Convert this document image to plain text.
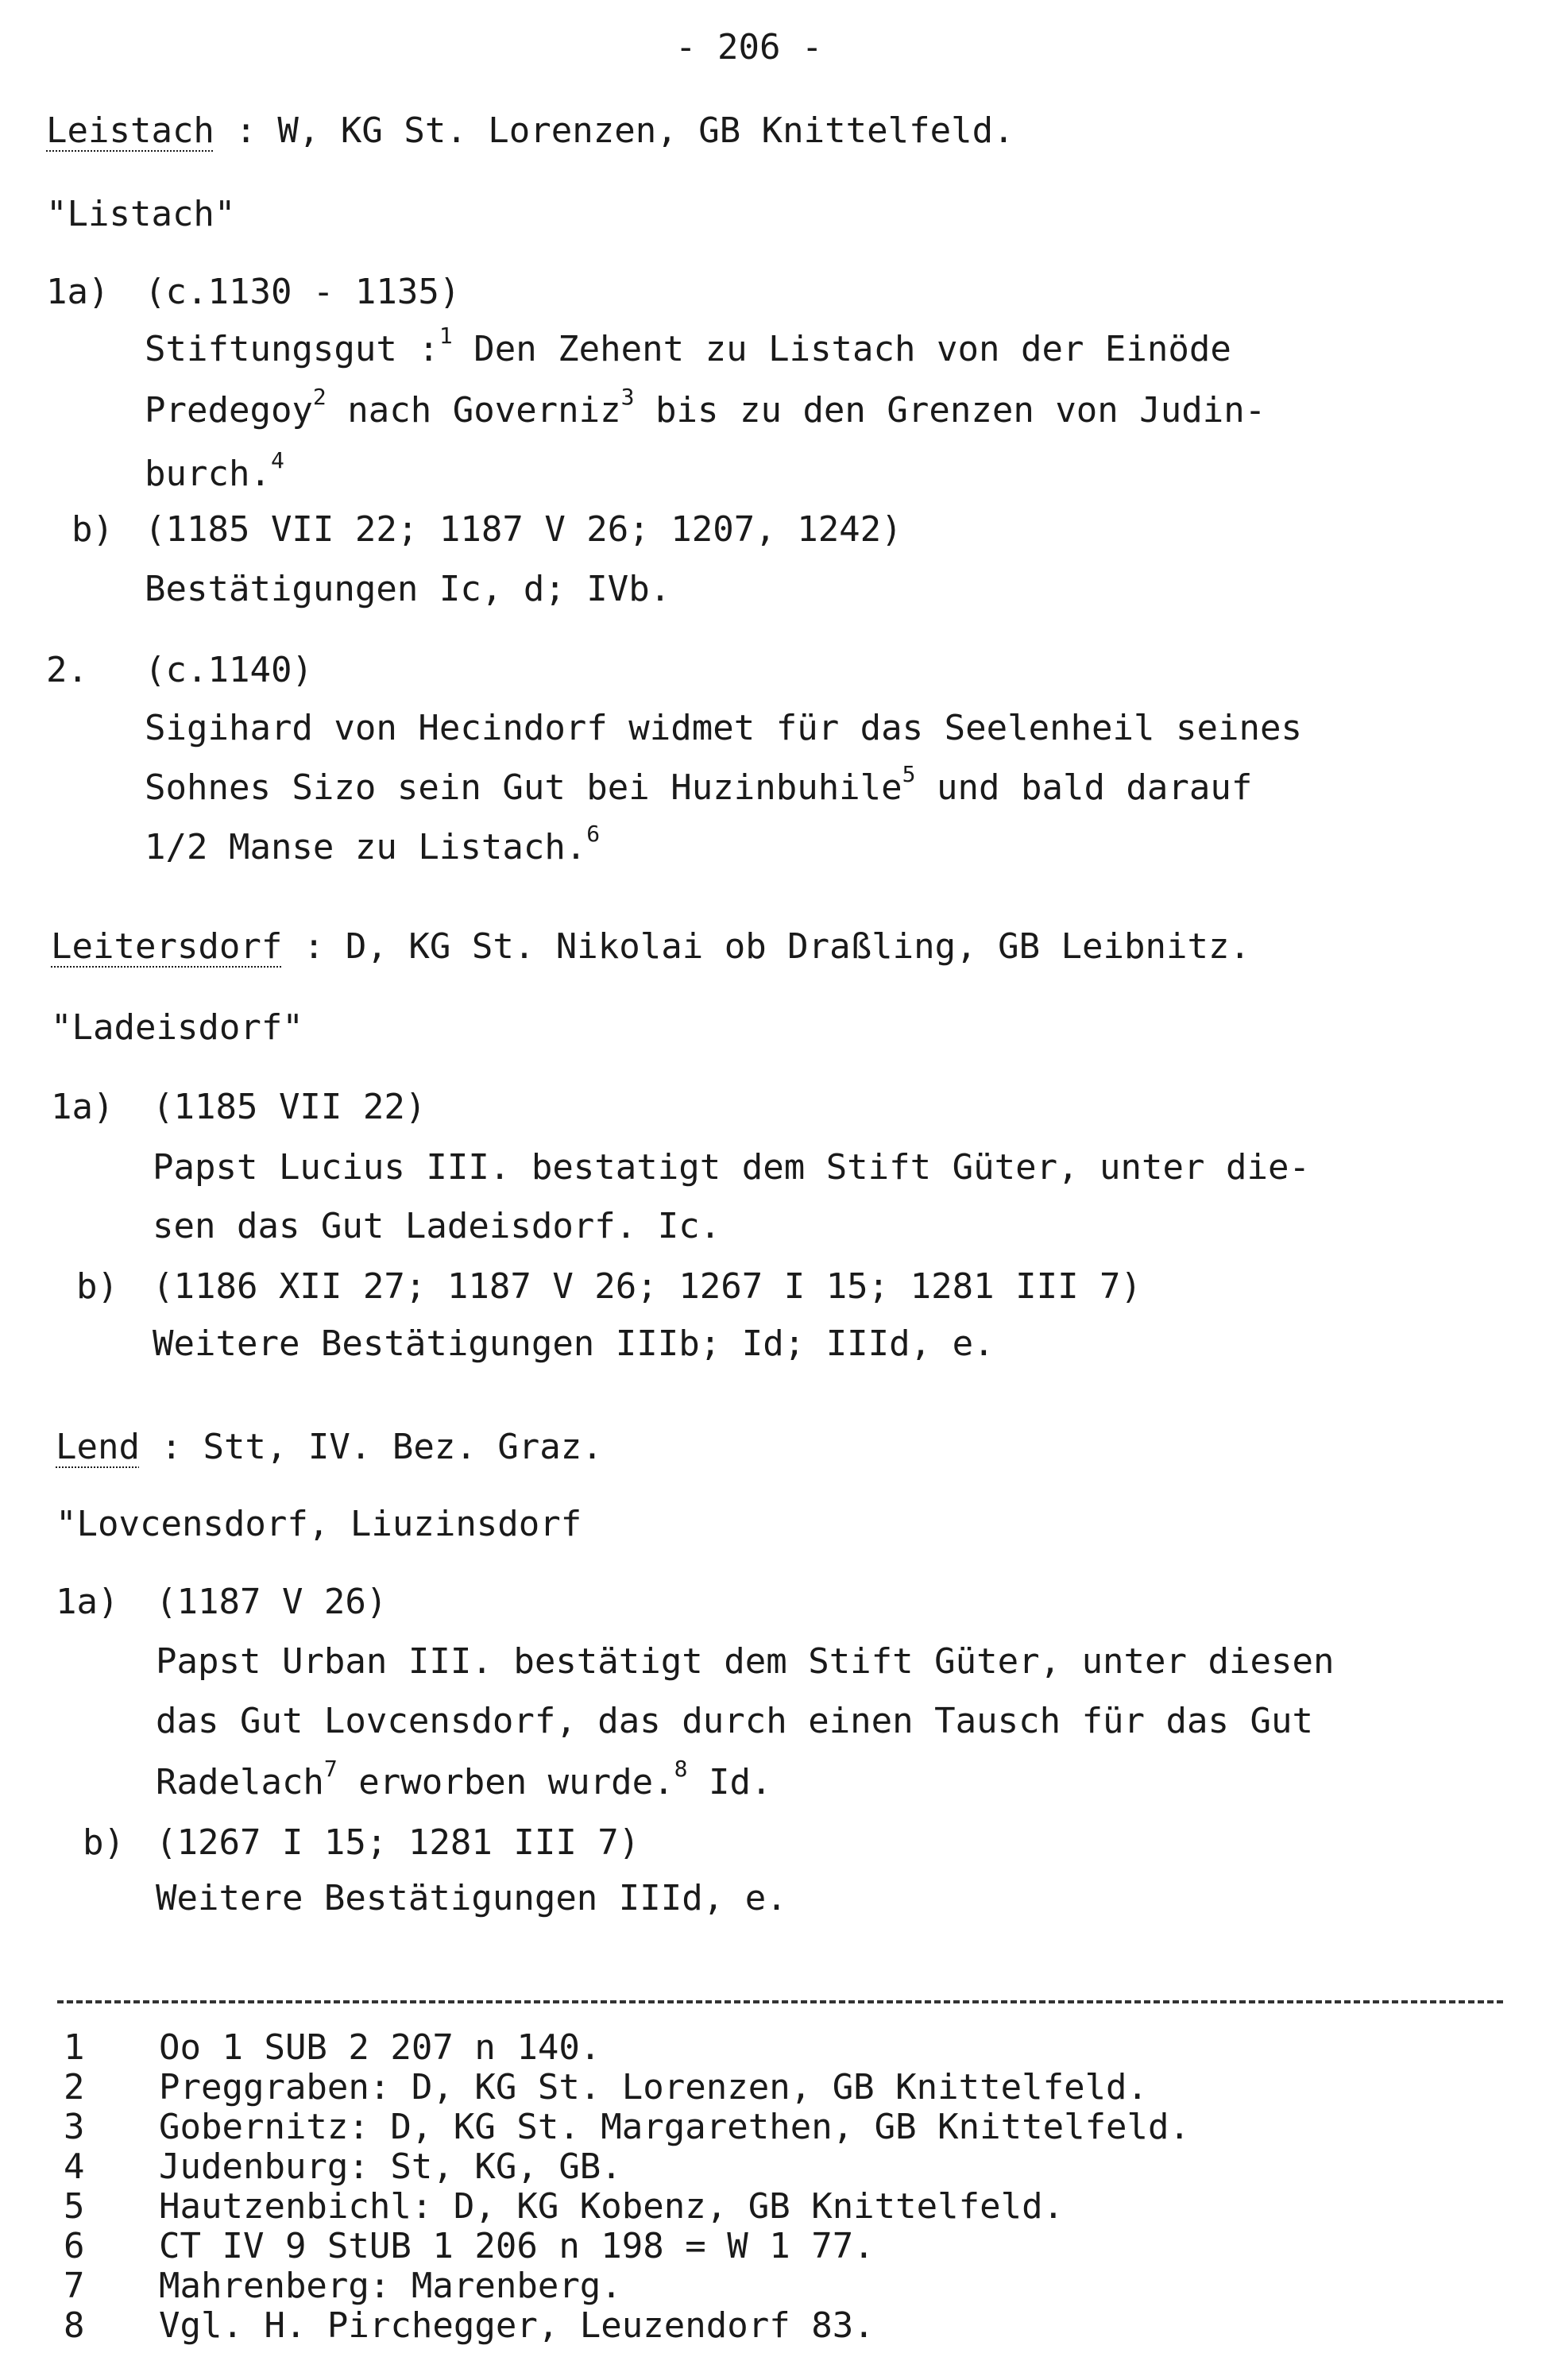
- 206 -
Leistach : W, KG St. Lorenzen, GB Knittelfeld.
"Listach"
1a) (c.1130 - 1135)
Stiftungsgut :$^1$ Den Zehent zu Listach von der Einöde
Predegoy$^2$ nach Governiz$^3$ bis zu den Grenzen von Judin-
burch.$^4$
b) (1185 VII 22; 1187 V 26; 1207, 1242)
Bestätigungen Ic, d; IVb.
2. (c.1140)
Sigihard von Hecindorf widmet für das Seelenheil seines
Sohnes Sizo sein Gut bei Huzinbuhile$^5$ und bald darauf
1/2 Manse zu Listach.$^6$
Leitersdorf : D, KG St. Nikolai ob Draßling, GB Leibnitz.
"Ladeisdorf"
1a) (1185 VII 22)
Papst Lucius III. bestatigt dem Stift Güter, unter die-
sen das Gut Ladeisdorf. Ic.
b) (1186 XII 27; 1187 V 26; 1267 I 15; 1281 III 7)
Weitere Bestätigungen IIIb; Id; IIId, e.
Lend : Stt, IV. Bez. Graz.
"Lovcensdorf, Liuzinsdorf
1a) (1187 V 26)
Papst Urban III. bestätigt dem Stift Güter, unter diesen
das Gut Lovcensdorf, das durch einen Tausch für das Gut
Radelach$^7$ erworben wurde.$^8$ Id.
b) (1267 I 15; 1281 III 7)
Weitere Bestätigungen IIId, e.
1 Oo 1 SUB 2 207 n 140.
2 Preggraben: D, KG St. Lorenzen, GB Knittelfeld.
3 Gobernitz: D, KG St. Margarethen, GB Knittelfeld.
4 Judenburg: St, KG, GB.
5 Hautzenbichl: D, KG Kobenz, GB Knittelfeld.
6 CT IV 9 StUB 1 206 n 198 = W 1 77.
7 Mahrenberg: Marenberg.
8 Vgl. H. Pirchegger, Leuzendorf 83.
